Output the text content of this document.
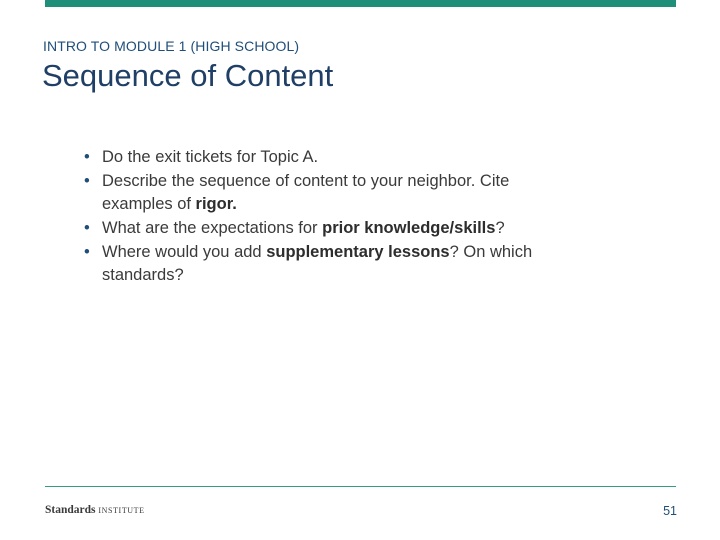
INTRO TO MODULE 1 (HIGH SCHOOL)
Sequence of Content
• Do the exit tickets for Topic A.
• Describe the sequence of content to your neighbor. Cite examples of rigor.
• What are the expectations for prior knowledge/skills?
• Where would you add supplementary lessons? On which standards?
Standards INSTITUTE	51
